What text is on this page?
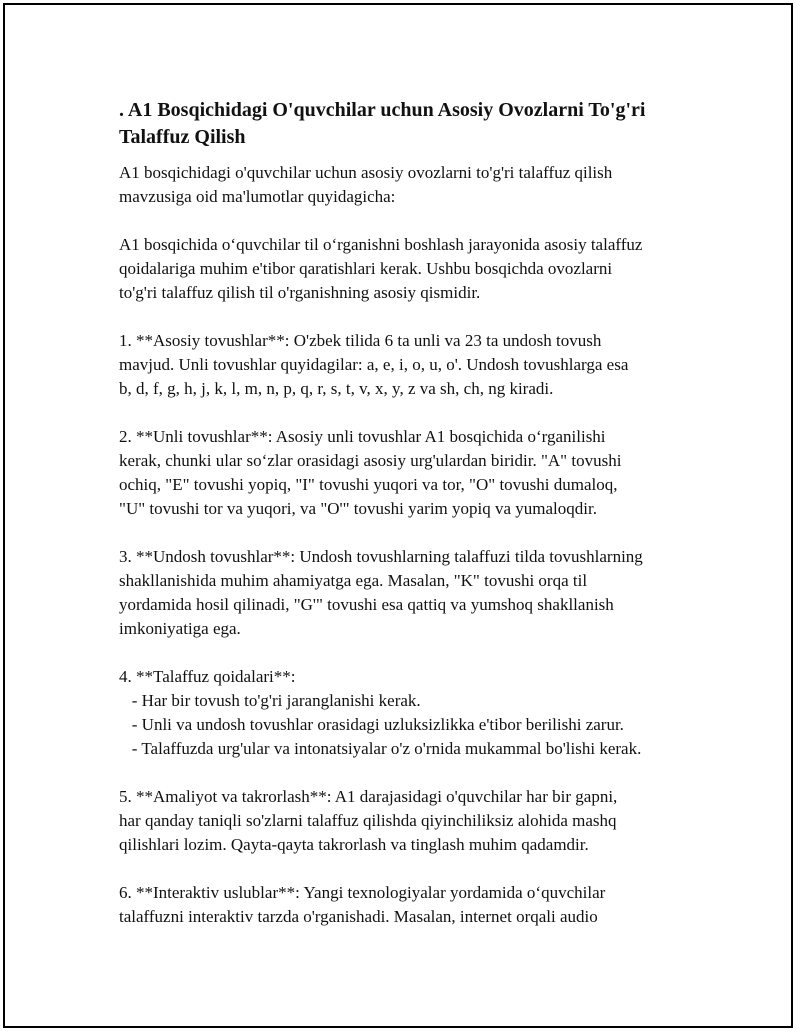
. A1 Bosqichidagi O'quvchilar uchun Asosiy Ovozlarni To'g'ri
Talaffuz Qilish
A1 bosqichidagi o'quvchilar uchun asosiy ovozlarni to'g'ri talaffuz qilish
mavzusiga oid ma'lumotlar quyidagicha:
A1 bosqichida o‘quvchilar til o‘rganishni boshlash jarayonida asosiy talaffuz
qoidalariga muhim e'tibor qaratishlari kerak. Ushbu bosqichda ovozlarni
to'g'ri talaffuz qilish til o'rganishning asosiy qismidir.
1. **Asosiy tovushlar**: O'zbek tilida 6 ta unli va 23 ta undosh tovush
mavjud. Unli tovushlar quyidagilar: a, e, i, o, u, o'. Undosh tovushlarga esa
b, d, f, g, h, j, k, l, m, n, p, q, r, s, t, v, x, y, z va sh, ch, ng kiradi.
2. **Unli tovushlar**: Asosiy unli tovushlar A1 bosqichida o‘rganilishi
kerak, chunki ular so‘zlar orasidagi asosiy urg'ulardan biridir. "A" tovushi
ochiq, "E" tovushi yopiq, "I" tovushi yuqori va tor, "O" tovushi dumaloq,
"U" tovushi tor va yuqori, va "O'" tovushi yarim yopiq va yumaloqdir.
3. **Undosh tovushlar**: Undosh tovushlarning talaffuzi tilda tovushlarning
shakllanishida muhim ahamiyatga ega. Masalan, "K" tovushi orqa til
yordamida hosil qilinadi, "G'" tovushi esa qattiq va yumshoq shakllanish
imkoniyatiga ega.
4. **Talaffuz qoidalari**:
- Har bir tovush to'g'ri jaranglanishi kerak.
- Unli va undosh tovushlar orasidagi uzluksizlikka e'tibor berilishi zarur.
- Talaffuzda urg'ular va intonatsiyalar o'z o'rnida mukammal bo'lishi kerak.
5. **Amaliyot va takrorlash**: A1 darajasidagi o'quvchilar har bir gapni,
har qanday taniqli so'zlarni talaffuz qilishda qiyinchiliksiz alohida mashq
qilishlari lozim. Qayta-qayta takrorlash va tinglash muhim qadamdir.
6. **Interaktiv uslublar**: Yangi texnologiyalar yordamida o‘quvchilar
talaffuzni interaktiv tarzda o'rganishadi. Masalan, internet orqali audio
